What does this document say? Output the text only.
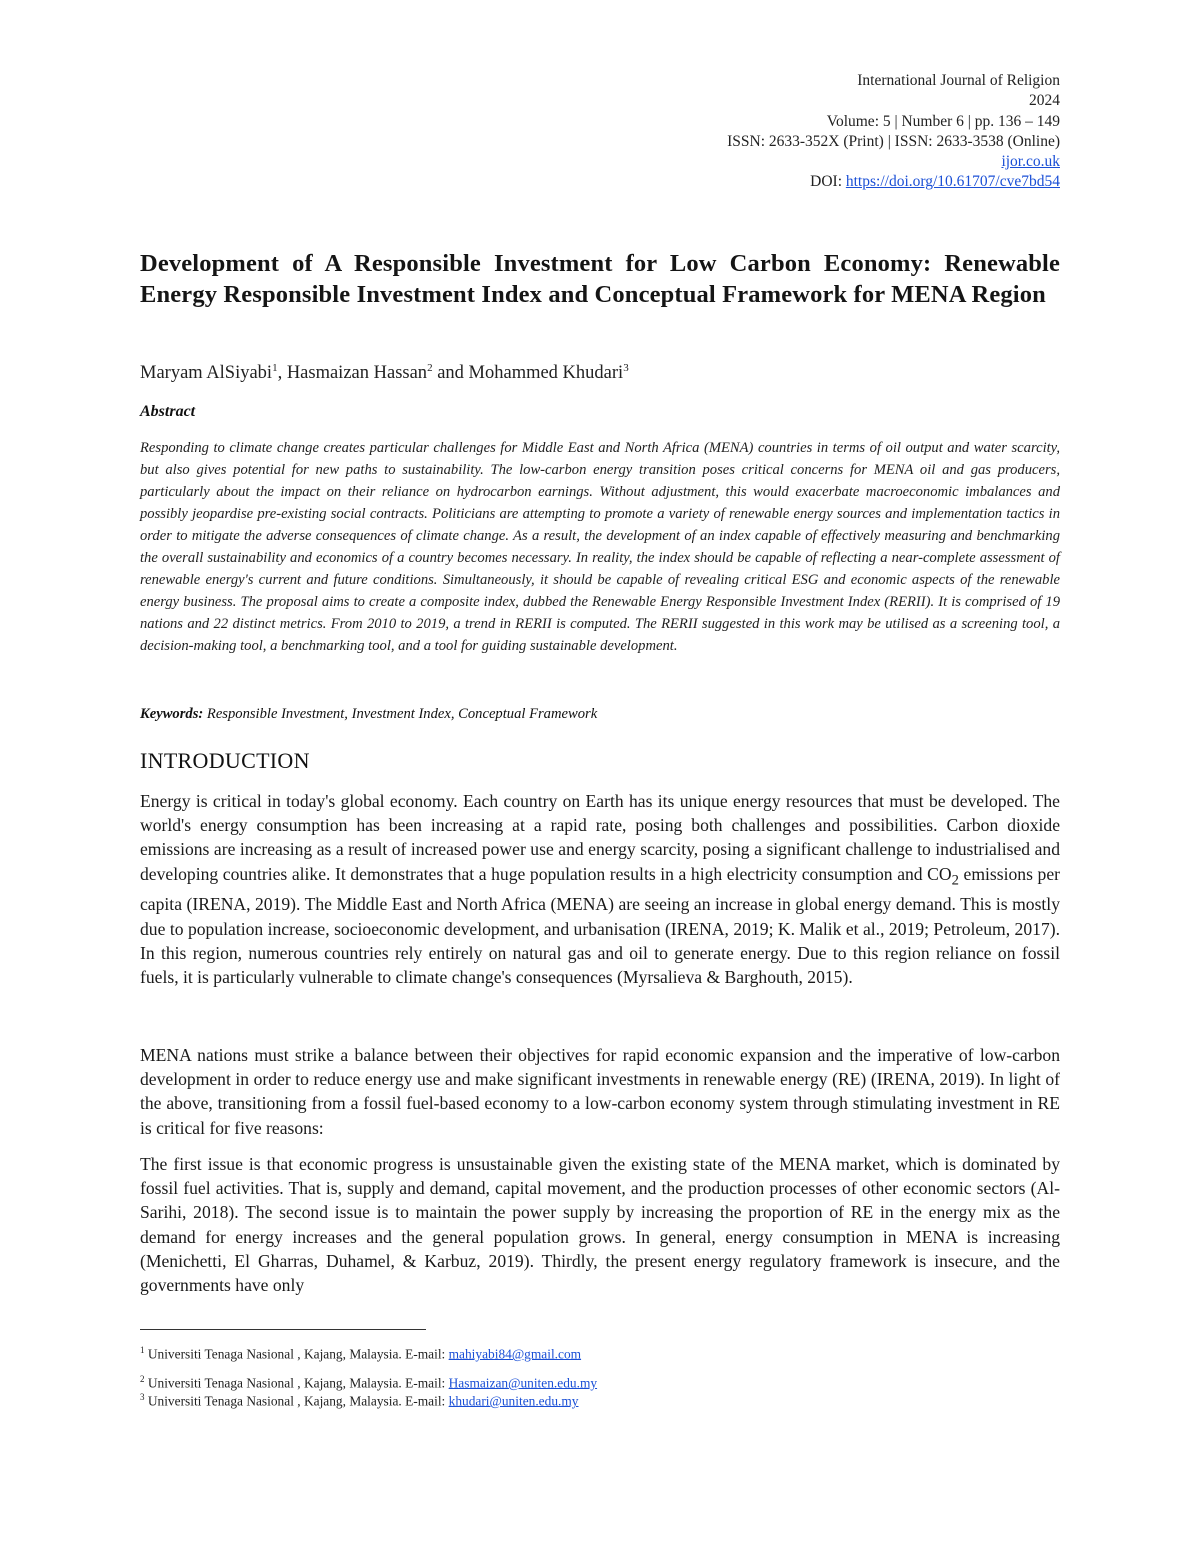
International Journal of Religion
2024
Volume: 5 | Number 6 | pp. 136 – 149
ISSN: 2633-352X (Print) | ISSN: 2633-3538 (Online)
ijor.co.uk
DOI: https://doi.org/10.61707/cve7bd54
Development of A Responsible Investment for Low Carbon Economy: Renewable Energy Responsible Investment Index and Conceptual Framework for MENA Region

Maryam AlSiyabi$^1$, Hasmaizan Hassan$^2$ and Mohammed Khudari$^3$

Abstract

Responding to climate change creates particular challenges for Middle East and North Africa (MENA) countries in terms of oil output and water scarcity, but also gives potential for new paths to sustainability. The low-carbon energy transition poses critical concerns for MENA oil and gas producers, particularly about the impact on their reliance on hydrocarbon earnings. Without adjustment, this would exacerbate macroeconomic imbalances and possibly jeopardise pre-existing social contracts. Politicians are attempting to promote a variety of renewable energy sources and implementation tactics in order to mitigate the adverse consequences of climate change. As a result, the development of an index capable of effectively measuring and benchmarking the overall sustainability and economics of a country becomes necessary. In reality, the index should be capable of reflecting a near-complete assessment of renewable energy's current and future conditions. Simultaneously, it should be capable of revealing critical ESG and economic aspects of the renewable energy business. The proposal aims to create a composite index, dubbed the Renewable Energy Responsible Investment Index (RERII). It is comprised of 19 nations and 22 distinct metrics. From 2010 to 2019, a trend in RERII is computed. The RERII suggested in this work may be utilised as a screening tool, a decision-making tool, a benchmarking tool, and a tool for guiding sustainable development.

Keywords: Responsible Investment, Investment Index, Conceptual Framework

INTRODUCTION

Energy is critical in today's global economy. Each country on Earth has its unique energy resources that must be developed. The world's energy consumption has been increasing at a rapid rate, posing both challenges and possibilities. Carbon dioxide emissions are increasing as a result of increased power use and energy scarcity, posing a significant challenge to industrialised and developing countries alike. It demonstrates that a huge population results in a high electricity consumption and $CO_2$ emissions per capita (IRENA, 2019). The Middle East and North Africa (MENA) are seeing an increase in global energy demand. This is mostly due to population increase, socioeconomic development, and urbanisation (IRENA, 2019; K. Malik et al., 2019; Petroleum, 2017). In this region, numerous countries rely entirely on natural gas and oil to generate energy. Due to this region reliance on fossil fuels, it is particularly vulnerable to climate change's consequences (Myrsalieva & Barghouth, 2015).

MENA nations must strike a balance between their objectives for rapid economic expansion and the imperative of low-carbon development in order to reduce energy use and make significant investments in renewable energy (RE) (IRENA, 2019). In light of the above, transitioning from a fossil fuel-based economy to a low-carbon economy system through stimulating investment in RE is critical for five reasons:

The first issue is that economic progress is unsustainable given the existing state of the MENA market, which is dominated by fossil fuel activities. That is, supply and demand, capital movement, and the production processes of other economic sectors (Al-Sarihi, 2018). The second issue is to maintain the power supply by increasing the proportion of RE in the energy mix as the demand for energy increases and the general population grows. In general, energy consumption in MENA is increasing (Menichetti, El Gharras, Duhamel, & Karbuz, 2019). Thirdly, the present energy regulatory framework is insecure, and the governments have only

$^1$ Universiti Tenaga Nasional , Kajang, Malaysia. E-mail: mahiyabi84@gmail.com

$^2$ Universiti Tenaga Nasional , Kajang, Malaysia. E-mail: Hasmaizan@uniten.edu.my

$^3$ Universiti Tenaga Nasional , Kajang, Malaysia. E-mail: khudari@uniten.edu.my
